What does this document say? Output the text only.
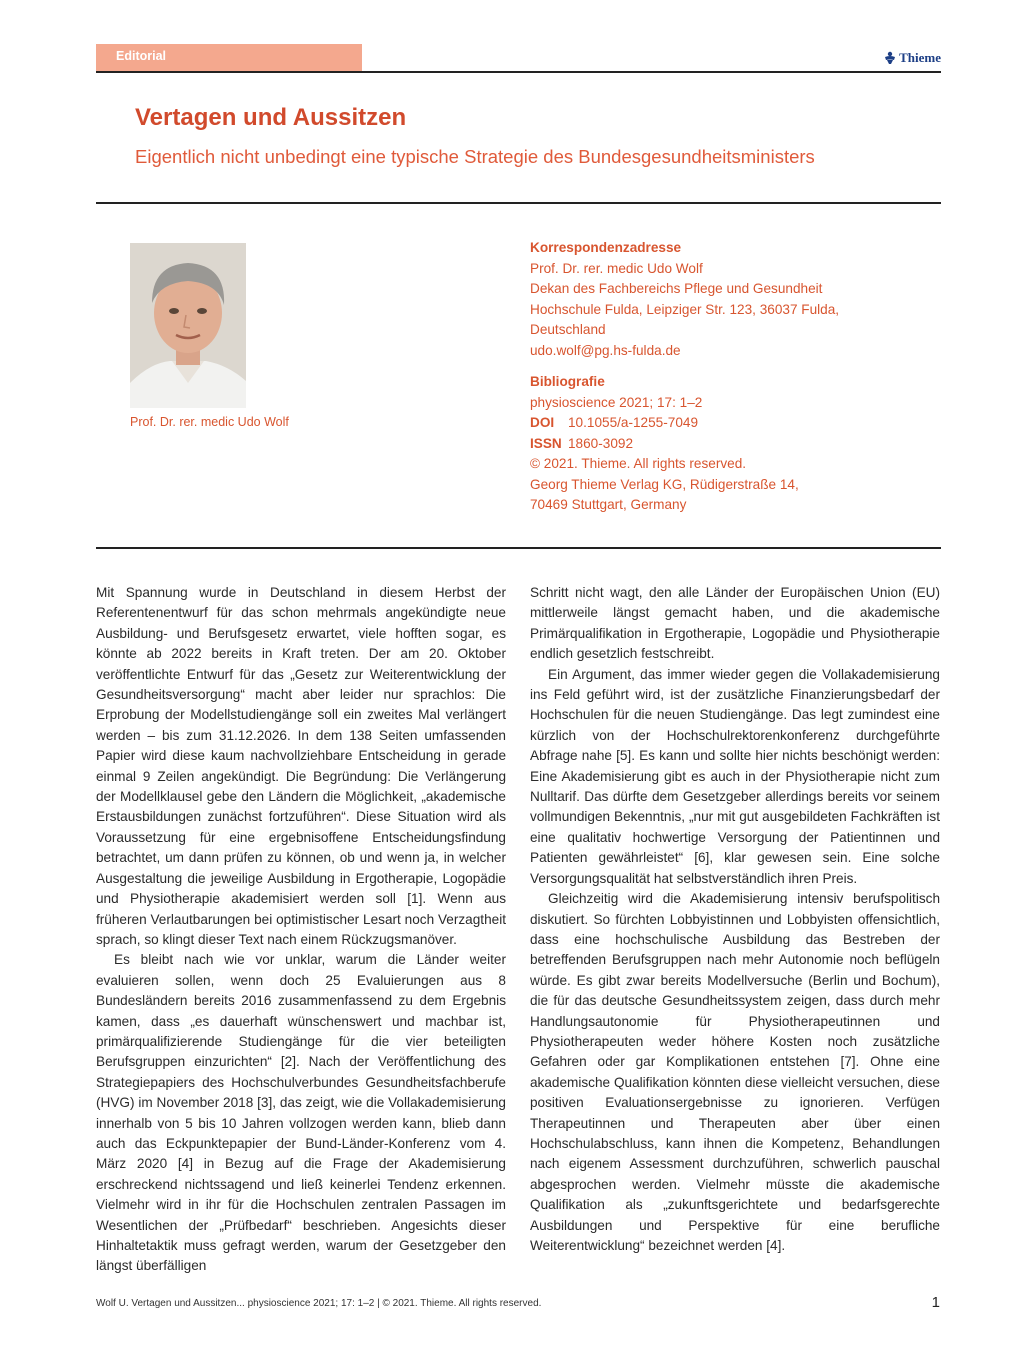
Editorial	Thieme
Vertagen und Aussitzen
Eigentlich nicht unbedingt eine typische Strategie des Bundesgesundheitsministers
Prof. Dr. rer. medic Udo Wolf
Korrespondenzadresse
Prof. Dr. rer. medic Udo Wolf
Dekan des Fachbereichs Pflege und Gesundheit
Hochschule Fulda, Leipziger Str. 123, 36037 Fulda,
Deutschland
udo.wolf@pg.hs-fulda.de
Bibliografie
physioscience 2021; 17: 1–2
DOI 10.1055/a-1255-7049
ISSN 1860-3092
© 2021. Thieme. All rights reserved.
Georg Thieme Verlag KG, Rüdigerstraße 14,
70469 Stuttgart, Germany

Mit Spannung wurde in Deutschland in diesem Herbst der Referentenentwurf für das schon mehrmals angekündigte neue Ausbildung- und Berufsgesetz erwartet, viele hofften sogar, es könnte ab 2022 bereits in Kraft treten. Der am 20. Oktober veröffentlichte Entwurf für das „Gesetz zur Weiterentwicklung der Gesundheitsversorgung“ macht aber leider nur sprachlos: Die Erprobung der Modellstudiengänge soll ein zweites Mal verlängert werden – bis zum 31.12.2026. In dem 138 Seiten umfassenden Papier wird diese kaum nachvollziehbare Entscheidung in gerade einmal 9 Zeilen angekündigt. Die Begründung: Die Verlängerung der Modellklausel gebe den Ländern die Möglichkeit, „akademische Erstausbildungen zunächst fortzuführen“. Diese Situation wird als Voraussetzung für eine ergebnisoffene Entscheidungsfindung betrachtet, um dann prüfen zu können, ob und wenn ja, in welcher Ausgestaltung die jeweilige Ausbildung in Ergotherapie, Logopädie und Physiotherapie akademisiert werden soll [1]. Wenn aus früheren Verlautbarungen bei optimistischer Lesart noch Verzagtheit sprach, so klingt dieser Text nach einem Rückzugsmanöver.

Es bleibt nach wie vor unklar, warum die Länder weiter evaluieren sollen, wenn doch 25 Evaluierungen aus 8 Bundesländern bereits 2016 zusammenfassend zu dem Ergebnis kamen, dass „es dauerhaft wünschenswert und machbar ist, primärqualifizierende Studiengänge für die vier beteiligten Berufsgruppen einzurichten“ [2]. Nach der Veröffentlichung des Strategiepapiers des Hochschulverbundes Gesundheitsfachberufe (HVG) im November 2018 [3], das zeigt, wie die Vollakademisierung innerhalb von 5 bis 10 Jahren vollzogen werden kann, blieb dann auch das Eckpunktepapier der Bund-Länder-Konferenz vom 4. März 2020 [4] in Bezug auf die Frage der Akademisierung erschreckend nichtssagend und ließ keinerlei Tendenz erkennen. Vielmehr wird in ihr für die Hochschulen zentralen Passagen im Wesentlichen der „Prüfbedarf“ beschrieben. Angesichts dieser Hinhaltetaktik muss gefragt werden, warum der Gesetzgeber den längst überfälligen

Schritt nicht wagt, den alle Länder der Europäischen Union (EU) mittlerweile längst gemacht haben, und die akademische Primärqualifikation in Ergotherapie, Logopädie und Physiotherapie endlich gesetzlich festschreibt.

Ein Argument, das immer wieder gegen die Vollakademisierung ins Feld geführt wird, ist der zusätzliche Finanzierungsbedarf der Hochschulen für die neuen Studiengänge. Das legt zumindest eine kürzlich von der Hochschulrektorenkonferenz durchgeführte Abfrage nahe [5]. Es kann und sollte hier nichts beschönigt werden: Eine Akademisierung gibt es auch in der Physiotherapie nicht zum Nulltarif. Das dürfte dem Gesetzgeber allerdings bereits vor seinem vollmundigen Bekenntnis, „nur mit gut ausgebildeten Fachkräften ist eine qualitativ hochwertige Versorgung der Patientinnen und Patienten gewährleistet“ [6], klar gewesen sein. Eine solche Versorgungsqualität hat selbstverständlich ihren Preis.

Gleichzeitig wird die Akademisierung intensiv berufspolitisch diskutiert. So fürchten Lobbyistinnen und Lobbyisten offensichtlich, dass eine hochschulische Ausbildung das Bestreben der betreffenden Berufsgruppen nach mehr Autonomie noch beflügeln würde. Es gibt zwar bereits Modellversuche (Berlin und Bochum), die für das deutsche Gesundheitssystem zeigen, dass durch mehr Handlungsautonomie für Physiotherapeutinnen und Physiotherapeuten weder höhere Kosten noch zusätzliche Gefahren oder gar Komplikationen entstehen [7]. Ohne eine akademische Qualifikation könnten diese vielleicht versuchen, diese positiven Evaluationsergebnisse zu ignorieren. Verfügen Therapeutinnen und Therapeuten aber über einen Hochschulabschluss, kann ihnen die Kompetenz, Behandlungen nach eigenem Assessment durchzuführen, schwerlich pauschal abgesprochen werden. Vielmehr müsste die akademische Qualifikation als „zukunftsgerichtete und bedarfsgerechte Ausbildungen und Perspektive für eine berufliche Weiterentwicklung“ bezeichnet werden [4].

Wolf U. Vertagen und Aussitzen... physioscience 2021; 17: 1–2 | © 2021. Thieme. All rights reserved.	1
